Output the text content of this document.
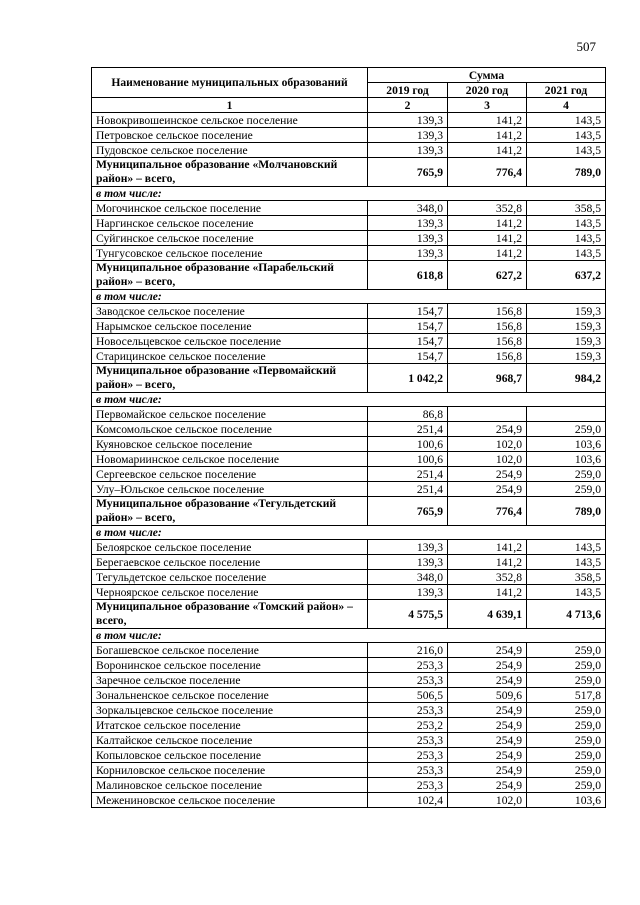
507
Наименование муниципальных образований	Сумма		
	2019 год	2020 год	2021 год
1	2	3	4
Новокривошеинское сельское поселение	139,3	141,2	143,5
Петровское сельское поселение	139,3	141,2	143,5
Пудовское сельское поселение	139,3	141,2	143,5
Муниципальное образование «Молчановский район» – всего,	765,9	776,4	789,0
в том числе:			
Могочинское сельское поселение	348,0	352,8	358,5
Наргинское сельское поселение	139,3	141,2	143,5
Суйгинское сельское поселение	139,3	141,2	143,5
Тунгусовское сельское поселение	139,3	141,2	143,5
Муниципальное образование «Парабельский район» – всего,	618,8	627,2	637,2
в том числе:			
Заводское сельское поселение	154,7	156,8	159,3
Нарымское сельское поселение	154,7	156,8	159,3
Новосельцевское сельское поселение	154,7	156,8	159,3
Старицинское сельское поселение	154,7	156,8	159,3
Муниципальное образование «Первомайский район» – всего,	1 042,2	968,7	984,2
в том числе:			
Первомайское сельское поселение	86,8		
Комсомольское сельское поселение	251,4	254,9	259,0
Куяновское сельское поселение	100,6	102,0	103,6
Новомариинское сельское поселение	100,6	102,0	103,6
Сергеевское сельское поселение	251,4	254,9	259,0
Улу–Юльское сельское поселение	251,4	254,9	259,0
Муниципальное образование «Тегульдетский район» – всего,	765,9	776,4	789,0
в том числе:			
Белоярское сельское поселение	139,3	141,2	143,5
Берегаевское сельское поселение	139,3	141,2	143,5
Тегульдетское сельское поселение	348,0	352,8	358,5
Черноярское сельское поселение	139,3	141,2	143,5
Муниципальное образование «Томский район» – всего,	4 575,5	4 639,1	4 713,6
в том числе:			
Богашевское сельское поселение	216,0	254,9	259,0
Воронинское сельское поселение	253,3	254,9	259,0
Заречное сельское поселение	253,3	254,9	259,0
Зональненское сельское поселение	506,5	509,6	517,8
Зоркальцевское сельское поселение	253,3	254,9	259,0
Итатское сельское поселение	253,2	254,9	259,0
Калтайское сельское поселение	253,3	254,9	259,0
Копыловское сельское поселение	253,3	254,9	259,0
Корниловское сельское поселение	253,3	254,9	259,0
Малиновское сельское поселение	253,3	254,9	259,0
Межениновское сельское поселение	102,4	102,0	103,6
